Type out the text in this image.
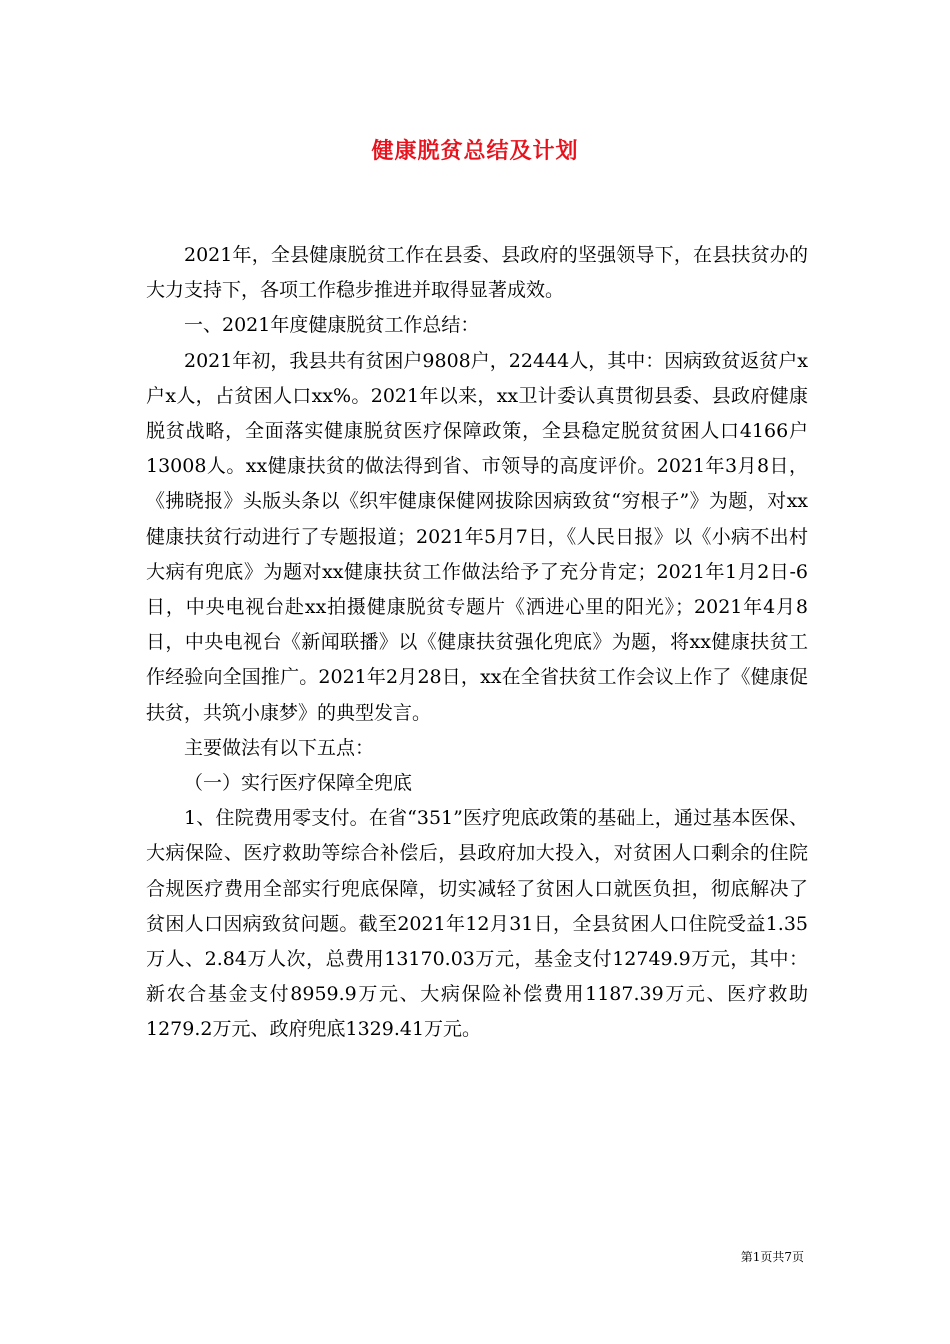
健康脱贫总结及计划

2021年，全县健康脱贫工作在县委、县政府的坚强领导下，在县扶贫办的大力支持下，各项工作稳步推进并取得显著成效。

一、2021年度健康脱贫工作总结：

2021年初，我县共有贫困户9808户，22444人，其中：因病致贫返贫户x户x人，占贫困人口xx%。2021年以来，xx卫计委认真贯彻县委、县政府健康脱贫战略，全面落实健康脱贫医疗保障政策，全县稳定脱贫贫困人口4166户13008人。xx健康扶贫的做法得到省、市领导的高度评价。2021年3月8日，《拂晓报》头版头条以《织牢健康保健网拔除因病致贫“穷根子”》为题，对xx健康扶贫行动进行了专题报道；2021年5月7日，《人民日报》以《小病不出村大病有兜底》为题对xx健康扶贫工作做法给予了充分肯定；2021年1月2日-6日，中央电视台赴xx拍摄健康脱贫专题片《洒进心里的阳光》；2021年4月8日，中央电视台《新闻联播》以《健康扶贫强化兜底》为题，将xx健康扶贫工作经验向全国推广。2021年2月28日，xx在全省扶贫工作会议上作了《健康促扶贫，共筑小康梦》的典型发言。

主要做法有以下五点：

（一）实行医疗保障全兜底

1、住院费用零支付。在省“351”医疗兜底政策的基础上，通过基本医保、大病保险、医疗救助等综合补偿后，县政府加大投入，对贫困人口剩余的住院合规医疗费用全部实行兜底保障，切实减轻了贫困人口就医负担，彻底解决了贫困人口因病致贫问题。截至2021年12月31日，全县贫困人口住院受益1.35万人、2.84万人次，总费用13170.03万元，基金支付12749.9万元，其中：新农合基金支付8959.9万元、大病保险补偿费用1187.39万元、医疗救助1279.2万元、政府兜底1329.41万元。

第1页共7页
